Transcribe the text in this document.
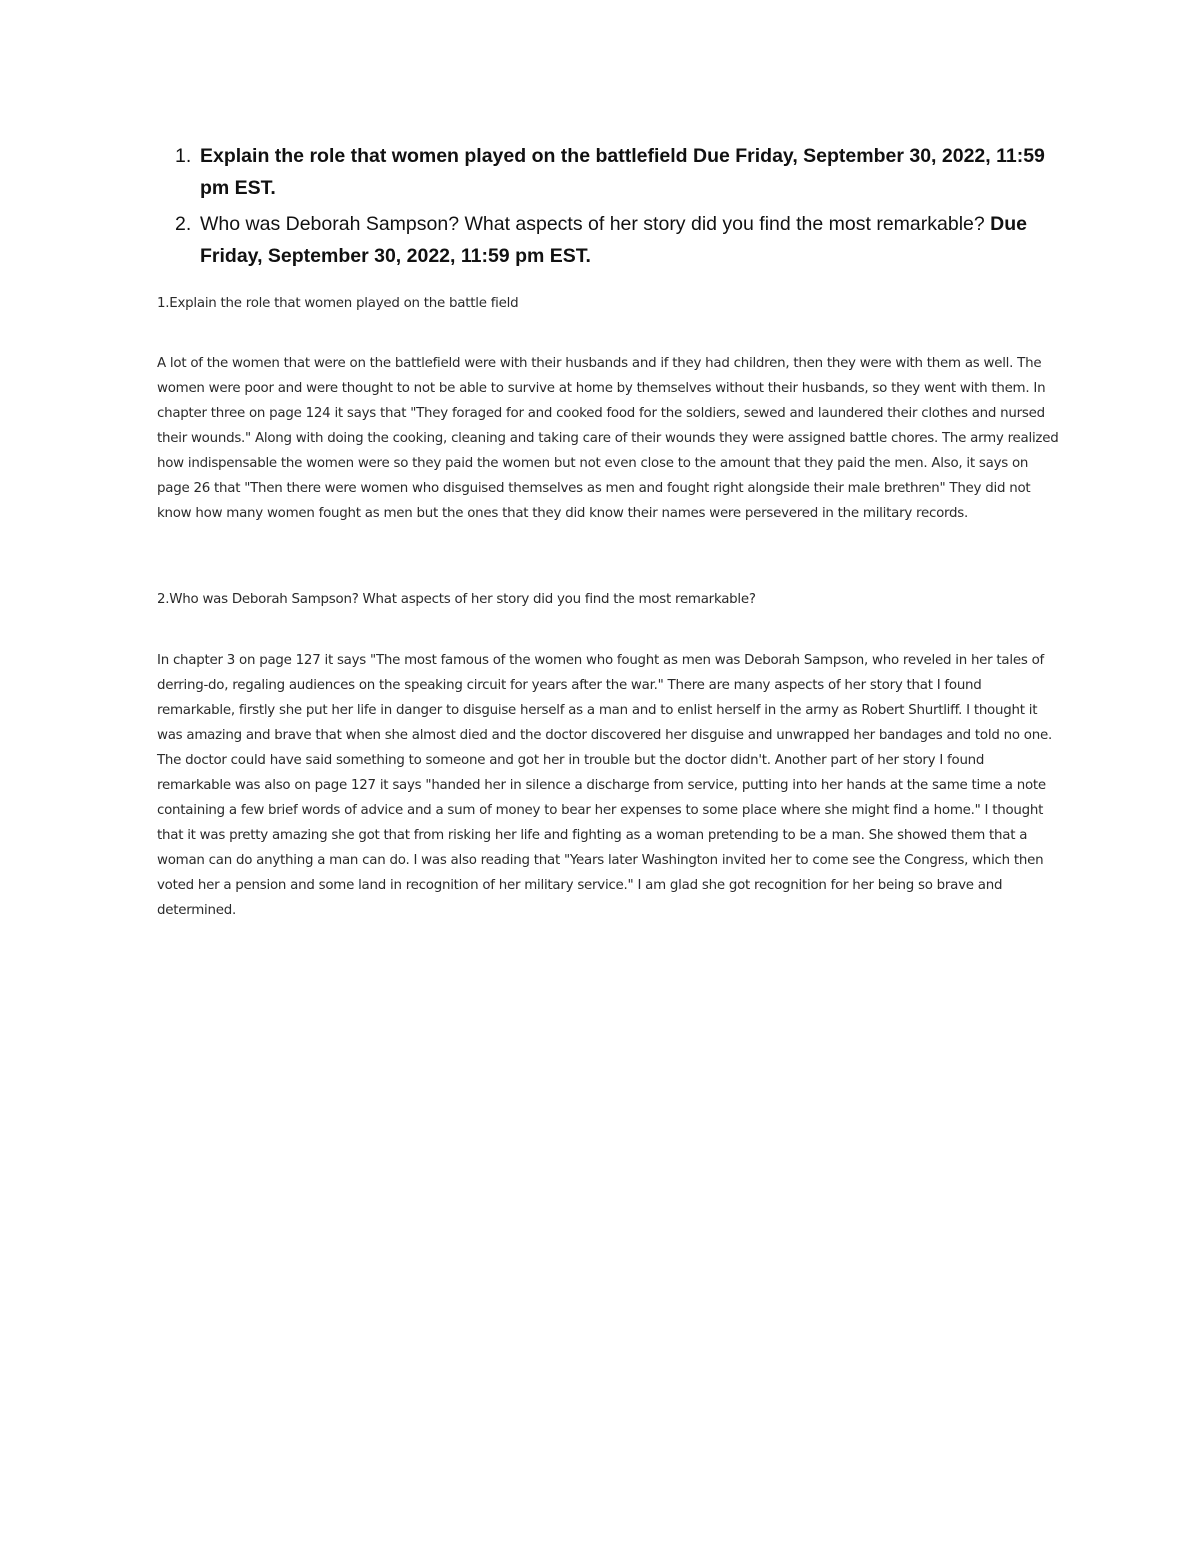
1. Explain the role that women played on the battlefield Due Friday, September 30, 2022, 11:59 pm EST.
2. Who was Deborah Sampson? What aspects of her story did you find the most remarkable? Due Friday, September 30, 2022, 11:59 pm EST.

1.Explain the role that women played on the battle field

A lot of the women that were on the battlefield were with their husbands and if they had children, then they were with them as well. The women were poor and were thought to not be able to survive at home by themselves without their husbands, so they went with them. In chapter three on page 124 it says that "They foraged for and cooked food for the soldiers, sewed and laundered their clothes and nursed their wounds." Along with doing the cooking, cleaning and taking care of their wounds they were assigned battle chores. The army realized how indispensable the women were so they paid the women but not even close to the amount that they paid the men. Also, it says on page 26 that "Then there were women who disguised themselves as men and fought right alongside their male brethren" They did not know how many women fought as men but the ones that they did know their names were persevered in the military records.

2.Who was Deborah Sampson? What aspects of her story did you find the most remarkable?

In chapter 3 on page 127 it says "The most famous of the women who fought as men was Deborah Sampson, who reveled in her tales of derring-do, regaling audiences on the speaking circuit for years after the war." There are many aspects of her story that I found remarkable, firstly she put her life in danger to disguise herself as a man and to enlist herself in the army as Robert Shurtliff. I thought it was amazing and brave that when she almost died and the doctor discovered her disguise and unwrapped her bandages and told no one. The doctor could have said something to someone and got her in trouble but the doctor didn't. Another part of her story I found remarkable was also on page 127 it says "handed her in silence a discharge from service, putting into her hands at the same time a note containing a few brief words of advice and a sum of money to bear her expenses to some place where she might find a home." I thought that it was pretty amazing she got that from risking her life and fighting as a woman pretending to be a man. She showed them that a woman can do anything a man can do. I was also reading that "Years later Washington invited her to come see the Congress, which then voted her a pension and some land in recognition of her military service." I am glad she got recognition for her being so brave and determined.
